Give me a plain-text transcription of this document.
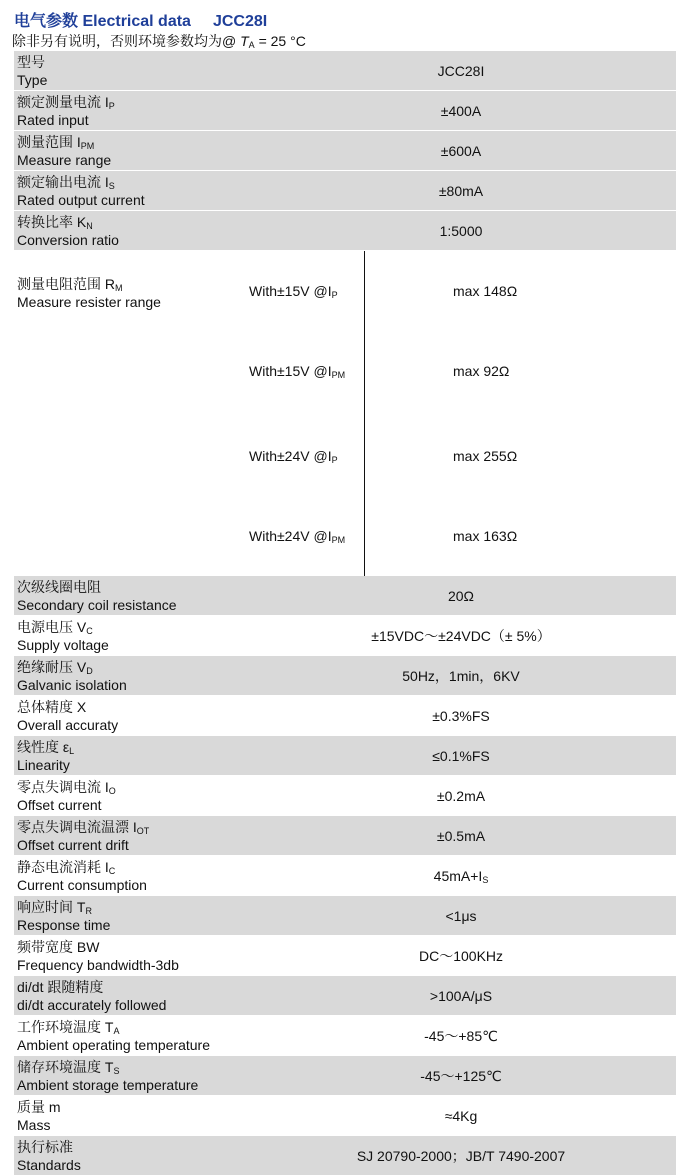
电气参数 Electrical data JCC28I
除非另有说明，否则环境参数均为@ $T_A = 25$ °C
型号
Type
	JCC28I

额定测量电流 $I_P$
Rated input
	±400A

测量范围 $I_{PM}$
Measure range
	±600A

额定输出电流 $I_S$
Rated output current
	±80mA

转换比率 $K_N$
Conversion ratio
	1:5000

测量电阻范围 $R_M$
Measure resister range

With±15V $@I_P$	max 148Ω
With±15V $@I_{PM}$	max 92Ω

With±24V $@I_P$	max 255Ω
With±24V $@I_{PM}$	max 163Ω

次级线圈电阻
Secondary coil resistance
	20Ω

电源电压 $V_C$
Supply voltage
	±15VDC～±24VDC（± 5%）

绝缘耐压 $V_D$
Galvanic isolation
	50Hz，1min，6KV

总体精度 X
Overall accuraty
	±0.3%FS

线性度 $\varepsilon_L$
Linearity
	≤0.1%FS

零点失调电流 $I_O$
Offset current
	±0.2mA

零点失调电流温漂 $I_{OT}$
Offset current drift
	±0.5mA

静态电流消耗 $I_C$
Current consumption
	$45mA+I_S$

响应时间 $T_R$
Response time
	<1μs

频带宽度 BW
Frequency bandwidth-3db
	DC～100KHz

di/dt 跟随精度
di/dt accurately followed
	>100A/μS

工作环境温度 $T_A$
Ambient operating temperature
	-45～+85℃

储存环境温度 $T_S$
Ambient storage temperature
	-45～+125℃

质量 m
Mass
	≈4Kg

执行标准
Standards
	SJ 20790-2000；JB/T 7490-2007
